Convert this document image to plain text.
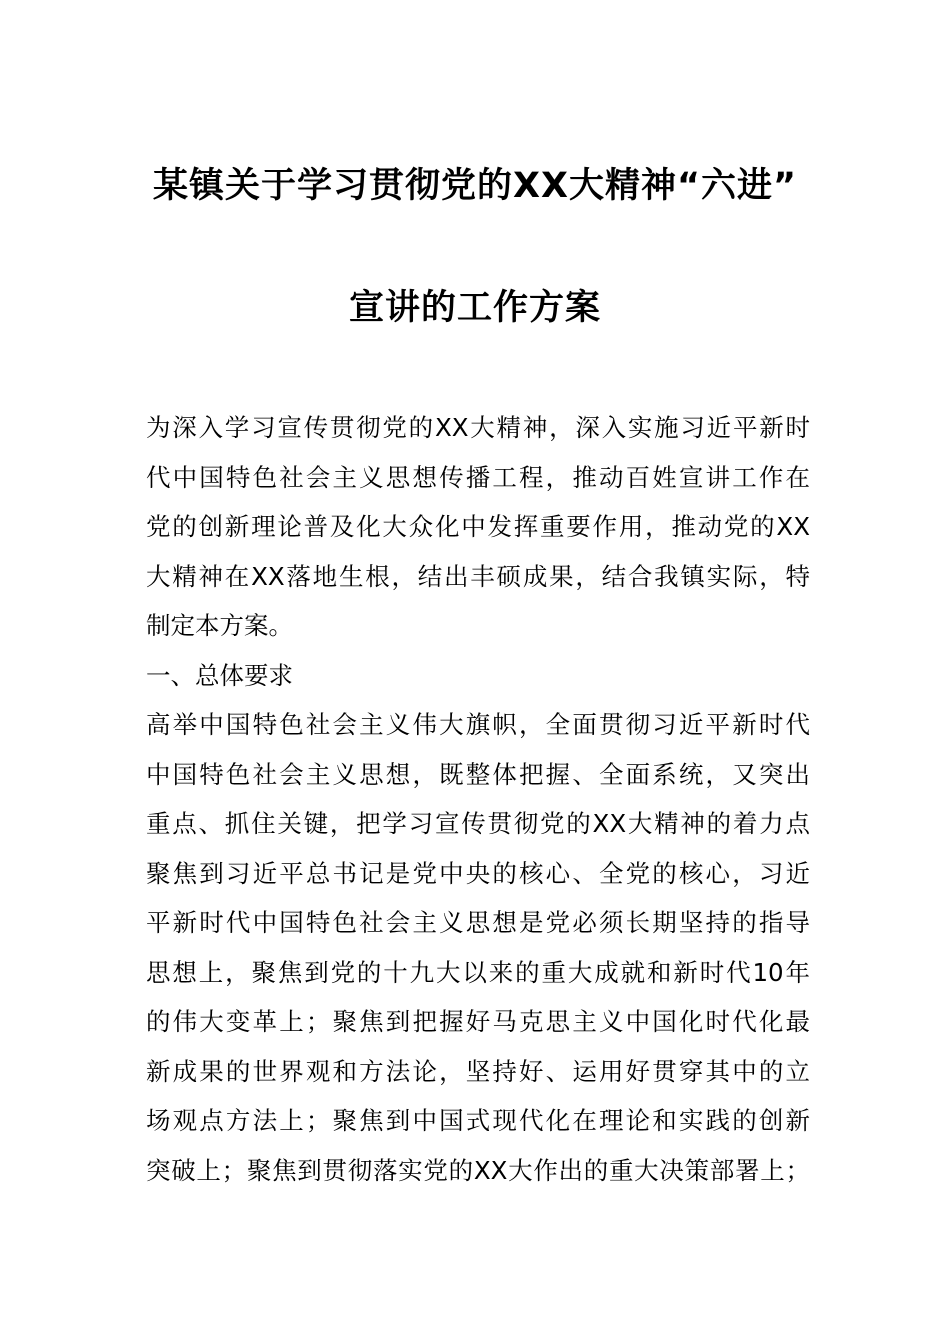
某镇关于学习贯彻党的XX大精神“六进”
宣讲的工作方案
为深入学习宣传贯彻党的XX大精神，深入实施习近平新时
代中国特色社会主义思想传播工程，推动百姓宣讲工作在
党的创新理论普及化大众化中发挥重要作用，推动党的XX
大精神在XX落地生根，结出丰硕成果，结合我镇实际，特
制定本方案。
一、总体要求
高举中国特色社会主义伟大旗帜，全面贯彻习近平新时代
中国特色社会主义思想，既整体把握、全面系统，又突出
重点、抓住关键，把学习宣传贯彻党的XX大精神的着力点
聚焦到习近平总书记是党中央的核心、全党的核心，习近
平新时代中国特色社会主义思想是党必须长期坚持的指导
思想上，聚焦到党的十九大以来的重大成就和新时代10年
的伟大变革上；聚焦到把握好马克思主义中国化时代化最
新成果的世界观和方法论，坚持好、运用好贯穿其中的立
场观点方法上；聚焦到中国式现代化在理论和实践的创新
突破上；聚焦到贯彻落实党的XX大作出的重大决策部署上；
